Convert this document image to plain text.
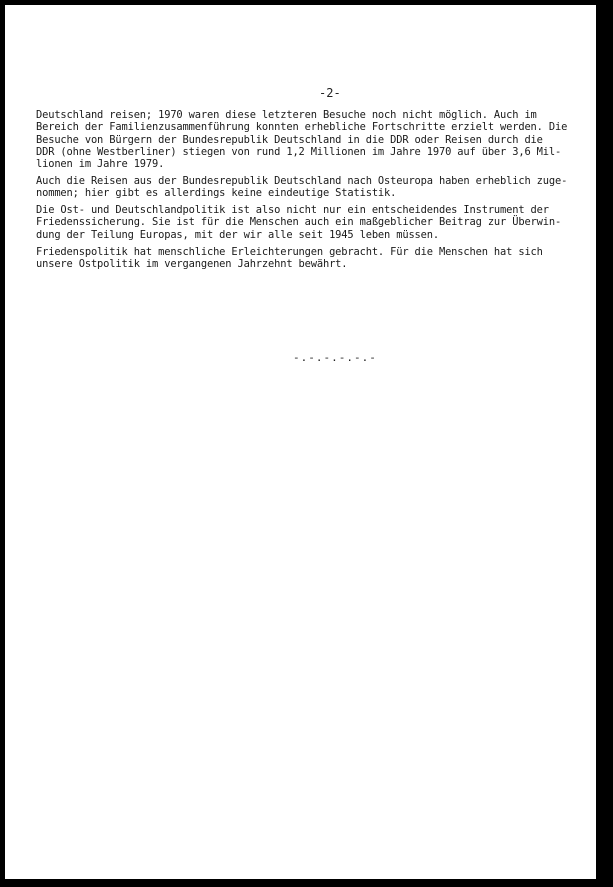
-2-
Deutschland reisen; 1970 waren diese letzteren Besuche noch nicht möglich. Auch im
Bereich der Familienzusammenführung konnten erhebliche Fortschritte erzielt werden. Die
Besuche von Bürgern der Bundesrepublik Deutschland in die DDR oder Reisen durch die
DDR (ohne Westberliner) stiegen von rund 1,2 Millionen im Jahre 1970 auf über 3,6 Mil-
lionen im Jahre 1979.
Auch die Reisen aus der Bundesrepublik Deutschland nach Osteuropa haben erheblich zuge-
nommen; hier gibt es allerdings keine eindeutige Statistik.
Die Ost- und Deutschlandpolitik ist also nicht nur ein entscheidendes Instrument der
Friedenssicherung. Sie ist für die Menschen auch ein maßgeblicher Beitrag zur Überwin-
dung der Teilung Europas, mit der wir alle seit 1945 leben müssen.
Friedenspolitik hat menschliche Erleichterungen gebracht. Für die Menschen hat sich
unsere Ostpolitik im vergangenen Jahrzehnt bewährt.
-.-.-.-.-.-
